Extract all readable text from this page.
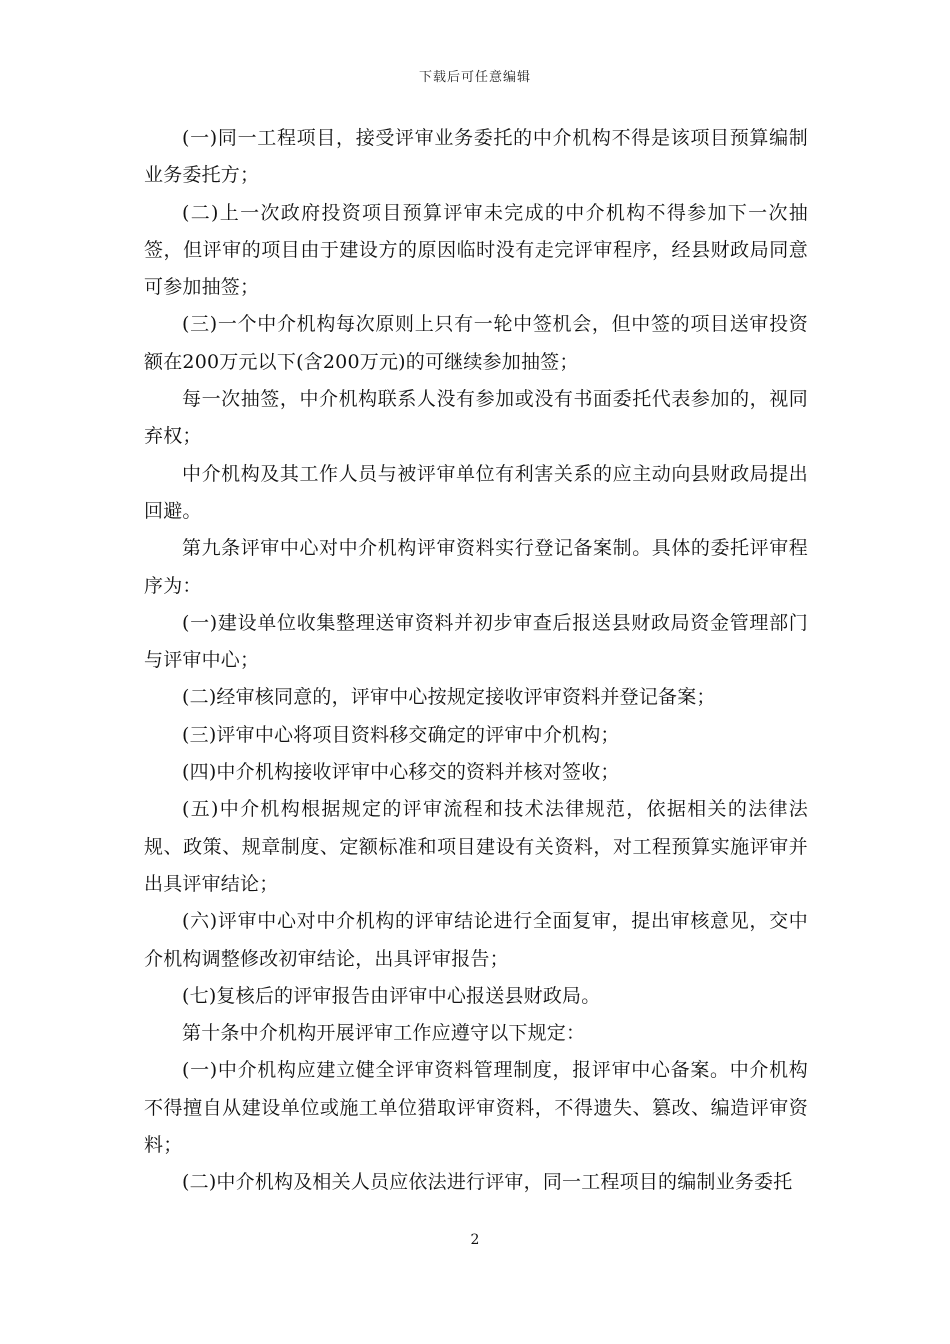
下载后可任意编辑

(一)同一工程项目，接受评审业务委托的中介机构不得是该项目预算编制业务委托方；

(二)上一次政府投资项目预算评审未完成的中介机构不得参加下一次抽签，但评审的项目由于建设方的原因临时没有走完评审程序，经县财政局同意可参加抽签；

(三)一个中介机构每次原则上只有一轮中签机会，但中签的项目送审投资额在200万元以下(含200万元)的可继续参加抽签；

每一次抽签，中介机构联系人没有参加或没有书面委托代表参加的，视同弃权；

中介机构及其工作人员与被评审单位有利害关系的应主动向县财政局提出回避。

第九条评审中心对中介机构评审资料实行登记备案制。具体的委托评审程序为：

(一)建设单位收集整理送审资料并初步审查后报送县财政局资金管理部门与评审中心；

(二)经审核同意的，评审中心按规定接收评审资料并登记备案；

(三)评审中心将项目资料移交确定的评审中介机构；

(四)中介机构接收评审中心移交的资料并核对签收；

(五)中介机构根据规定的评审流程和技术法律规范，依据相关的法律法规、政策、规章制度、定额标准和项目建设有关资料，对工程预算实施评审并出具评审结论；

(六)评审中心对中介机构的评审结论进行全面复审，提出审核意见，交中介机构调整修改初审结论，出具评审报告；

(七)复核后的评审报告由评审中心报送县财政局。

第十条中介机构开展评审工作应遵守以下规定：

(一)中介机构应建立健全评审资料管理制度，报评审中心备案。中介机构不得擅自从建设单位或施工单位猎取评审资料，不得遗失、篡改、编造评审资料；

(二)中介机构及相关人员应依法进行评审，同一工程项目的编制业务委托

2
